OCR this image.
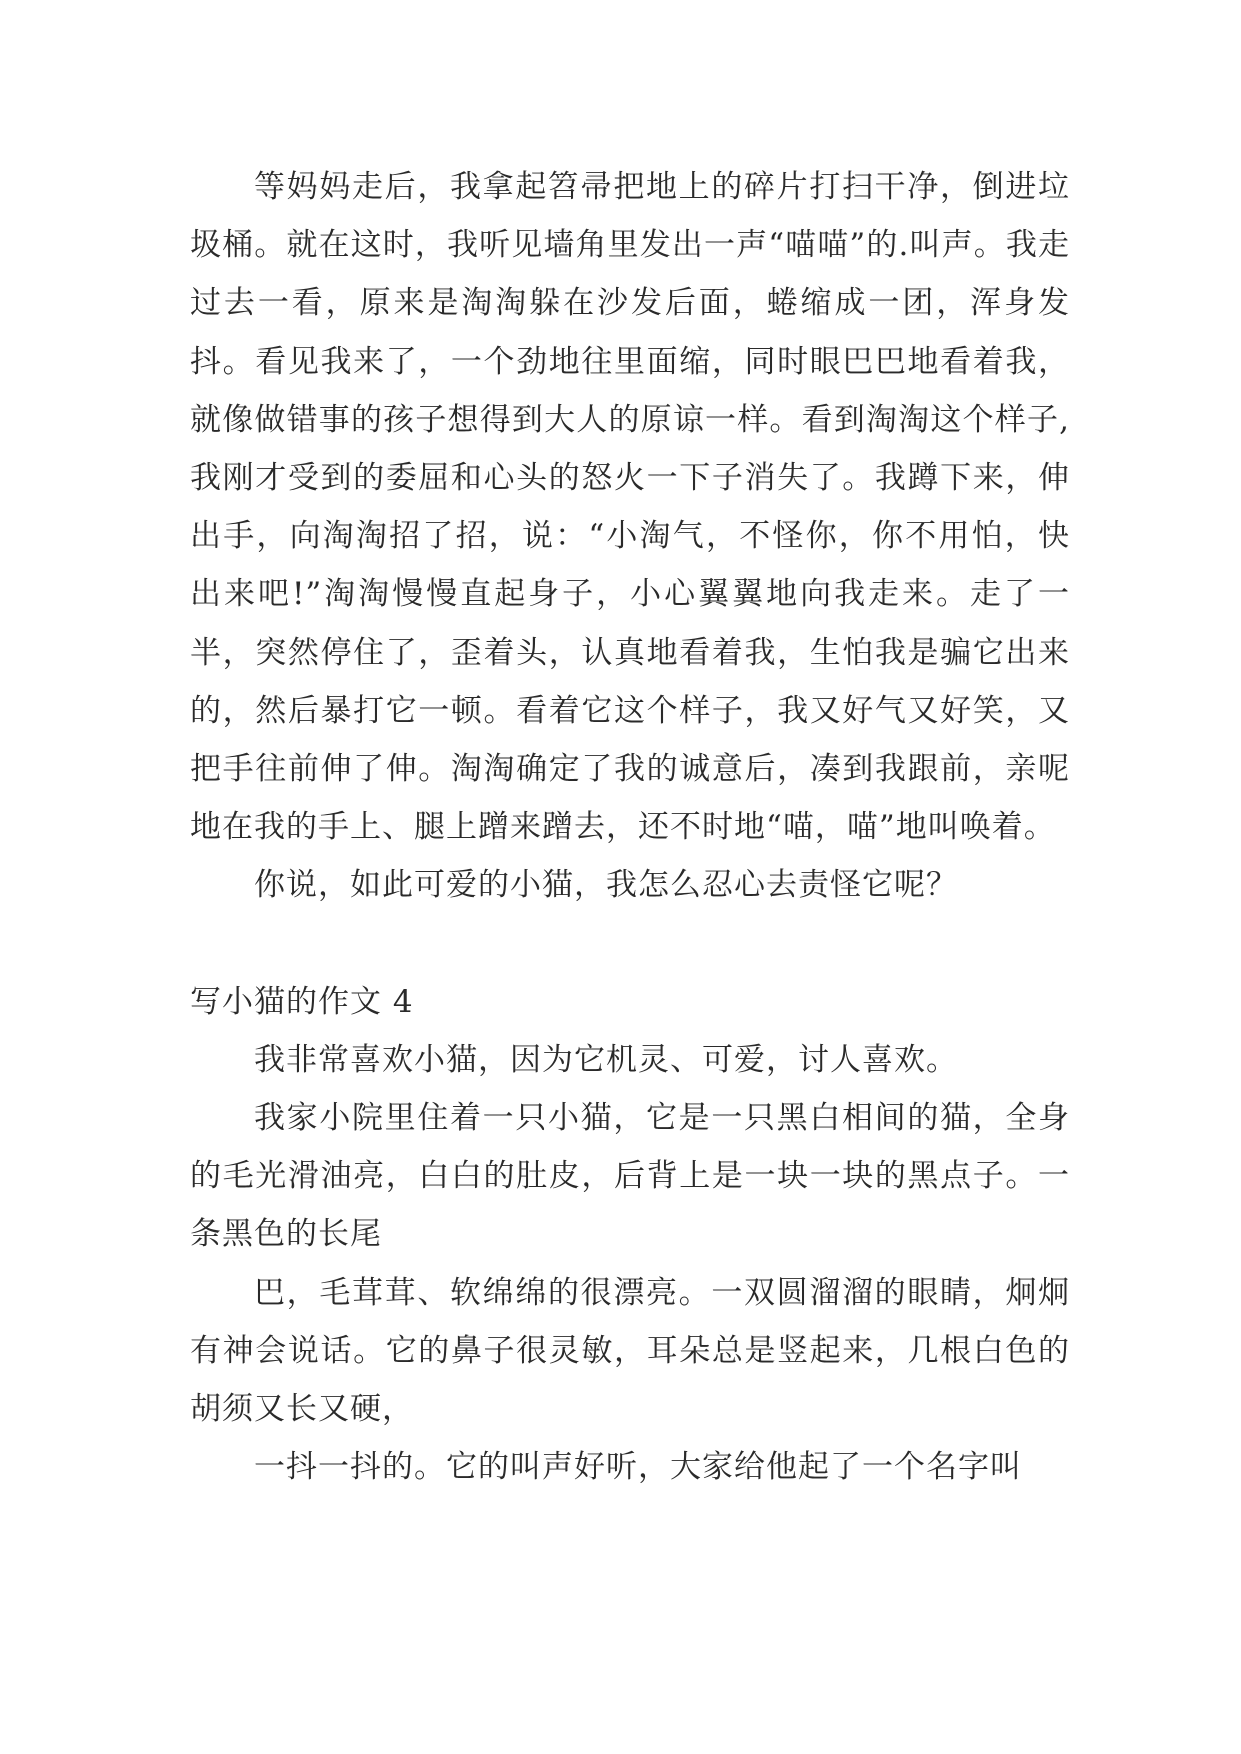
等妈妈走后，我拿起笤帚把地上的碎片打扫干净，倒进垃圾桶。就在这时，我听见墙角里发出一声“喵喵”的.叫声。我走过去一看，原来是淘淘躲在沙发后面，蜷缩成一团，浑身发抖。看见我来了，一个劲地往里面缩，同时眼巴巴地看着我，就像做错事的孩子想得到大人的原谅一样。看到淘淘这个样子,我刚才受到的委屈和心头的怒火一下子消失了。我蹲下来，伸出手，向淘淘招了招，说：“小淘气，不怪你，你不用怕，快出来吧!”淘淘慢慢直起身子，小心翼翼地向我走来。走了一半，突然停住了，歪着头，认真地看着我，生怕我是骗它出来的，然后暴打它一顿。看着它这个样子，我又好气又好笑，又把手往前伸了伸。淘淘确定了我的诚意后，凑到我跟前，亲呢地在我的手上、腿上蹭来蹭去，还不时地“喵，喵”地叫唤着。

你说，如此可爱的小猫，我怎么忍心去责怪它呢？

写小猫的作文 4

我非常喜欢小猫，因为它机灵、可爱，讨人喜欢。

我家小院里住着一只小猫，它是一只黑白相间的猫，全身的毛光滑油亮，白白的肚皮，后背上是一块一块的黑点子。一条黑色的长尾

巴，毛茸茸、软绵绵的很漂亮。一双圆溜溜的眼睛，炯炯有神会说话。它的鼻子很灵敏，耳朵总是竖起来，几根白色的胡须又长又硬，

一抖一抖的。它的叫声好听，大家给他起了一个名字叫
